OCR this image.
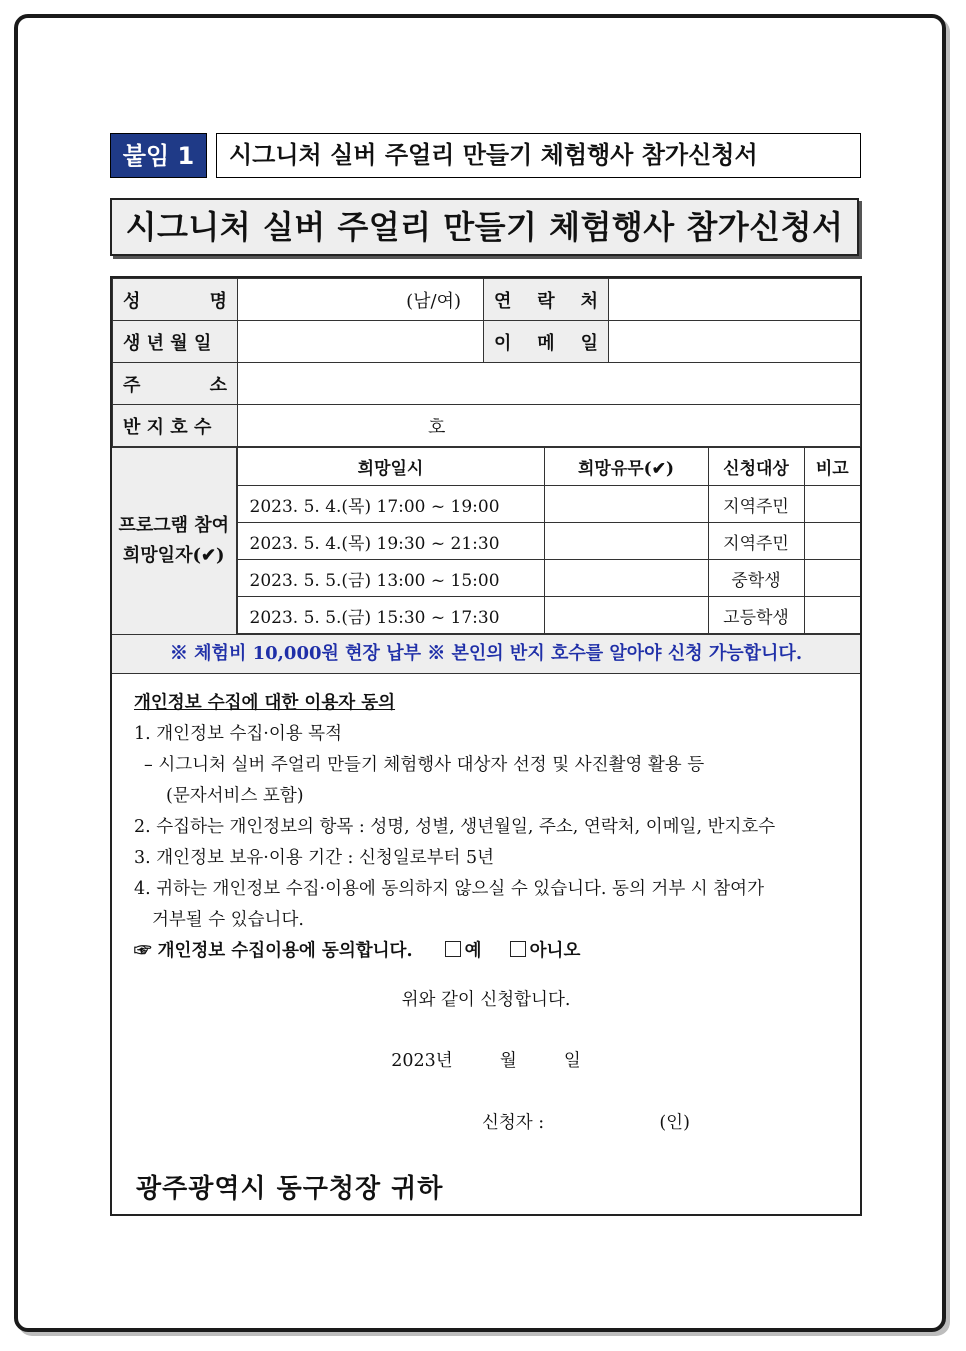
붙임 1	시그니처 실버 주얼리 만들기 체험행사 참가신청서
시그니처 실버 주얼리 만들기 체험행사 참가신청서
성 명	(남/여)	연 락 처	

생 년 월 일		이 메 일	

주 소			

반 지 호 수	호		
프로그램 참여
희망일자(✔)
희망일시	희망유무(✔)	신청대상	비고
2023. 5. 4.(목) 17:00 ~ 19:00		지역주민	
2023. 5. 4.(목) 19:30 ~ 21:30		지역주민	
2023. 5. 5.(금) 13:00 ~ 15:00		중학생	
2023. 5. 5.(금) 15:30 ~ 17:30		고등학생	
※ 체험비 10,000원 현장 납부 ※ 본인의 반지 호수를 알아야 신청 가능합니다.
개인정보 수집에 대한 이용자 동의
1. 개인정보 수집·이용 목적
– 시그니처 실버 주얼리 만들기 체험행사 대상자 선정 및 사진촬영 활용 등
(문자서비스 포함)
2. 수집하는 개인정보의 항목 : 성명, 성별, 생년월일, 주소, 연락처, 이메일, 반지호수
3. 개인정보 보유·이용 기간 : 신청일로부터 5년
4. 귀하는 개인정보 수집·이용에 동의하지 않으실 수 있습니다. 동의 거부 시 참여가
거부될 수 있습니다.
☞ 개인정보 수집이용에 동의합니다.	예	아니오
위와 같이 신청합니다.
2023년	월	일
신청자 :	(인)
광주광역시 동구청장 귀하
